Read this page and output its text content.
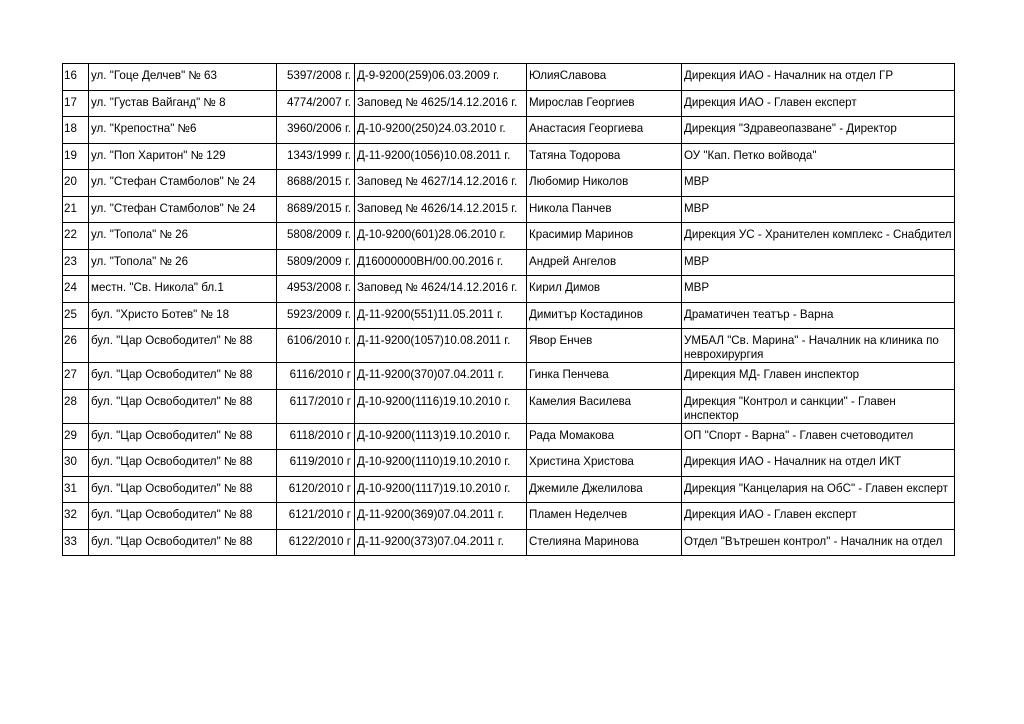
16	ул. "Гоце Делчев" № 63	5397/2008 г.	Д-9-9200(259)06.03.2009 г.	ЮлияСлавова	Дирекция ИАО - Началник на отдел ГР
17	ул. "Густав Вайганд" № 8	4774/2007 г.	Заповед № 4625/14.12.2016 г.	Мирослав Георгиев	Дирекция ИАО - Главен експерт
18	ул. "Крепостна" №6	3960/2006 г.	Д-10-9200(250)24.03.2010 г.	Анастасия Георгиева	Дирекция "Здравеопазване" - Директор
19	ул. "Поп Харитон" № 129	1343/1999 г.	Д-11-9200(1056)10.08.2011 г.	Татяна Тодорова	ОУ "Кап. Петко войвода"
20	ул. "Стефан Стамболов" № 24	8688/2015 г.	Заповед № 4627/14.12.2016 г.	Любомир Николов	МВР
21	ул. "Стефан Стамболов" № 24	8689/2015 г.	Заповед № 4626/14.12.2015 г.	Никола Панчев	МВР
22	ул. "Топола" № 26	5808/2009 г.	Д-10-9200(601)28.06.2010 г.	Красимир Маринов	Дирекция УС - Хранителен комплекс - Снабдител
23	ул. "Топола" № 26	5809/2009 г.	Д16000000ВН/00.00.2016 г.	Андрей Ангелов	МВР
24	местн. "Св. Никола" бл.1	4953/2008 г.	Заповед № 4624/14.12.2016 г.	Кирил Димов	МВР
25	бул. "Христо Ботев" № 18	5923/2009 г.	Д-11-9200(551)11.05.2011 г.	Димитър Костадинов	Драматичен театър - Варна
26	бул. "Цар Освободител" № 88	6106/2010 г.	Д-11-9200(1057)10.08.2011 г.	Явор Енчев	УМБАЛ "Св. Марина" - Началник на клиника по неврохирургия
27	бул. "Цар Освободител" № 88	6116/2010 г	Д-11-9200(370)07.04.2011 г.	Гинка Пенчева	Дирекция МД- Главен инспектор
28	бул. "Цар Освободител" № 88	6117/2010 г	Д-10-9200(1116)19.10.2010 г.	Камелия Василева	Дирекция "Контрол и санкции" - Главен инспектор
29	бул. "Цар Освободител" № 88	6118/2010 г	Д-10-9200(1113)19.10.2010 г.	Рада Момакова	ОП "Спорт - Варна" - Главен счетоводител
30	бул. "Цар Освободител" № 88	6119/2010 г	Д-10-9200(1110)19.10.2010 г.	Христина Христова	Дирекция ИАО - Началник на отдел ИКТ
31	бул. "Цар Освободител" № 88	6120/2010 г	Д-10-9200(1117)19.10.2010 г.	Джемиле Джелилова	Дирекция "Канцелария на ОбС" - Главен експерт
32	бул. "Цар Освободител" № 88	6121/2010 г	Д-11-9200(369)07.04.2011 г.	Пламен Неделчев	Дирекция ИАО - Главен експерт
33	бул. "Цар Освободител" № 88	6122/2010 г	Д-11-9200(373)07.04.2011 г.	Стелияна Маринова	Отдел "Вътрешен контрол" - Началник на отдел
